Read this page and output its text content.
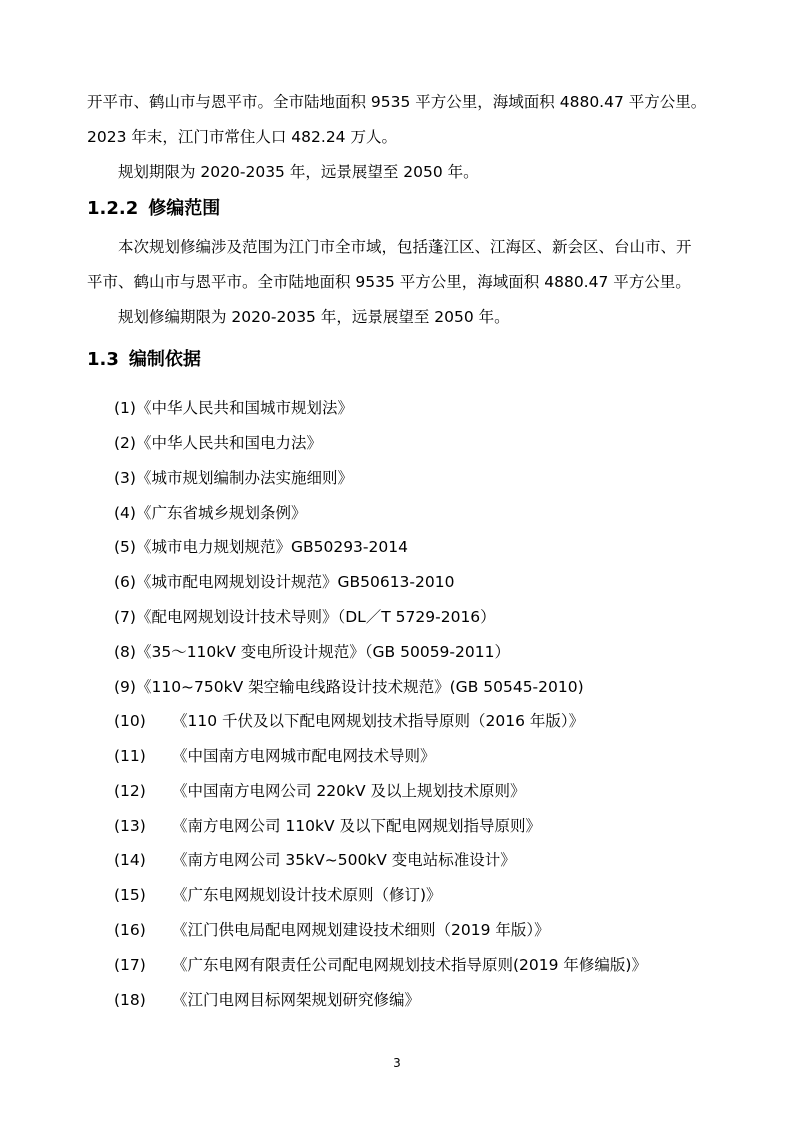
开平市、鹤山市与恩平市。全市陆地面积 9535 平方公里，海域面积 4880.47 平方公里。
2023 年末，江门市常住人口 482.24 万人。
规划期限为 2020-2035 年，远景展望至 2050 年。
1.2.2 修编范围
本次规划修编涉及范围为江门市全市域，包括蓬江区、江海区、新会区、台山市、开
平市、鹤山市与恩平市。全市陆地面积 9535 平方公里，海域面积 4880.47 平方公里。
规划修编期限为 2020-2035 年，远景展望至 2050 年。
1.3 编制依据
(1)《中华人民共和国城市规划法》
(2)《中华人民共和国电力法》
(3)《城市规划编制办法实施细则》
(4)《广东省城乡规划条例》
(5)《城市电力规划规范》GB50293-2014
(6)《城市配电网规划设计规范》GB50613-2010
(7)《配电网规划设计技术导则》（DL／T 5729-2016）
(8)《35～110kV 变电所设计规范》（GB 50059-2011）
(9)《110~750kV 架空输电线路设计技术规范》(GB 50545-2010)
(10) 《110 千伏及以下配电网规划技术指导原则（2016 年版）》
(11) 《中国南方电网城市配电网技术导则》
(12) 《中国南方电网公司 220kV 及以上规划技术原则》
(13) 《南方电网公司 110kV 及以下配电网规划指导原则》
(14) 《南方电网公司 35kV~500kV 变电站标准设计》
(15) 《广东电网规划设计技术原则（修订)》
(16) 《江门供电局配电网规划建设技术细则（2019 年版）》
(17) 《广东电网有限责任公司配电网规划技术指导原则(2019 年修编版)》
(18) 《江门电网目标网架规划研究修编》
3
